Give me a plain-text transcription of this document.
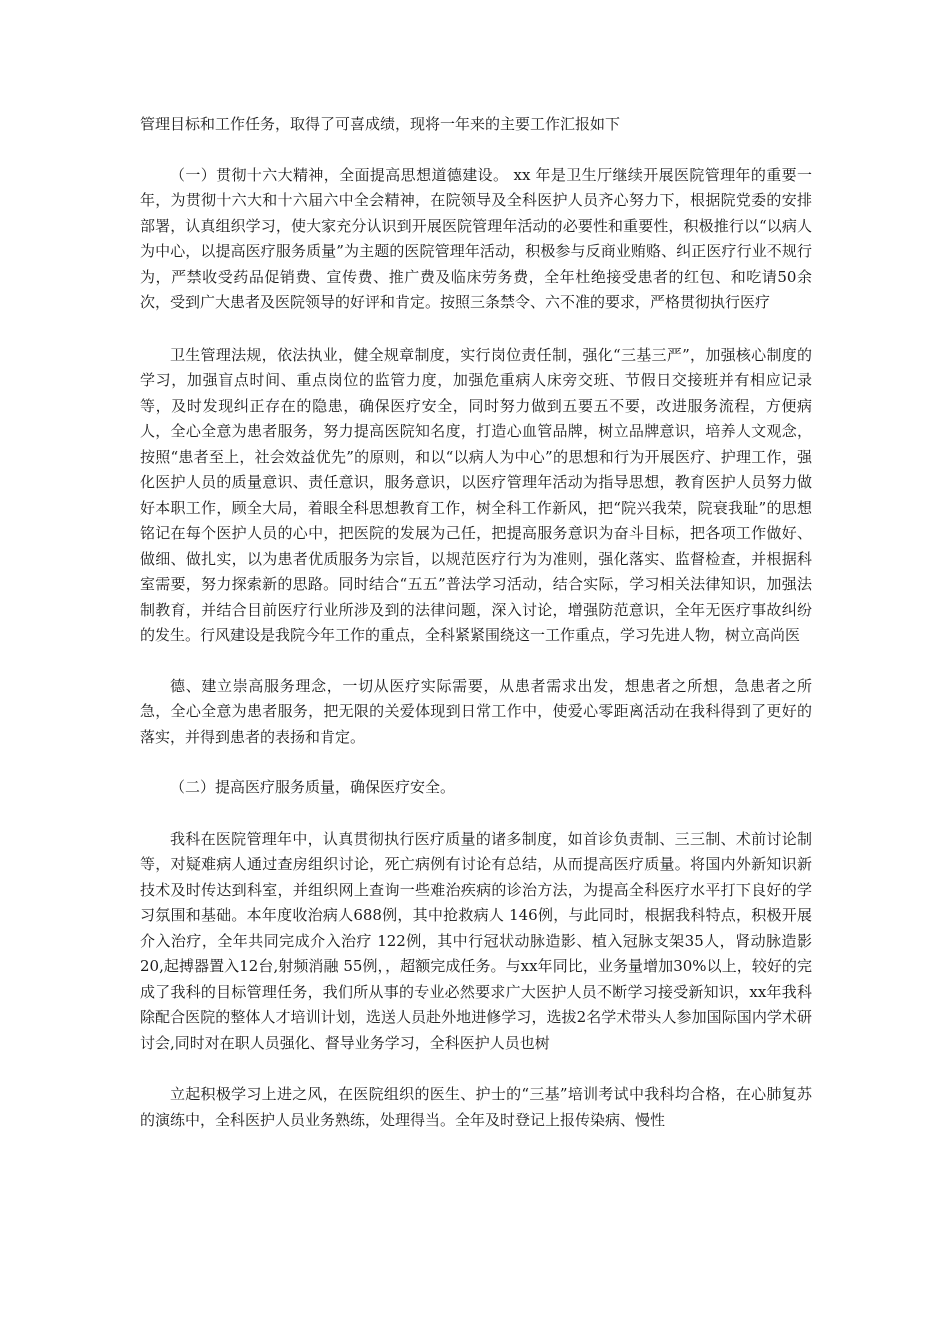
管理目标和工作任务，取得了可喜成绩，现将一年来的主要工作汇报如下

（一）贯彻十六大精神，全面提高思想道德建设。 xx 年是卫生厅继续开展医院管理年的重要一年，为贯彻十六大和十六届六中全会精神，在院领导及全科医护人员齐心努力下，根据院党委的安排部署，认真组织学习，使大家充分认识到开展医院管理年活动的必要性和重要性，积极推行以“以病人为中心，以提高医疗服务质量”为主题的医院管理年活动，积极参与反商业贿赂、纠正医疗行业不规行为，严禁收受药品促销费、宣传费、推广费及临床劳务费，全年杜绝接受患者的红包、和吃请50余次，受到广大患者及医院领导的好评和肯定。按照三条禁令、六不准的要求，严格贯彻执行医疗

卫生管理法规，依法执业，健全规章制度，实行岗位责任制，强化“三基三严”，加强核心制度的学习，加强盲点时间、重点岗位的监管力度，加强危重病人床旁交班、节假日交接班并有相应记录等，及时发现纠正存在的隐患，确保医疗安全，同时努力做到五要五不要，改进服务流程，方便病人，全心全意为患者服务，努力提高医院知名度，打造心血管品牌，树立品牌意识，培养人文观念，按照“患者至上，社会效益优先”的原则，和以“以病人为中心”的思想和行为开展医疗、护理工作，强化医护人员的质量意识、责任意识，服务意识，以医疗管理年活动为指导思想，教育医护人员努力做好本职工作，顾全大局，着眼全科思想教育工作，树全科工作新风，把“院兴我荣，院衰我耻”的思想铭记在每个医护人员的心中，把医院的发展为己任，把提高服务意识为奋斗目标，把各项工作做好、做细、做扎实，以为患者优质服务为宗旨，以规范医疗行为为准则，强化落实、监督检查，并根据科室需要，努力探索新的思路。同时结合“五五”普法学习活动，结合实际，学习相关法律知识，加强法制教育，并结合目前医疗行业所涉及到的法律问题，深入讨论，增强防范意识，全年无医疗事故纠纷的发生。行风建设是我院今年工作的重点，全科紧紧围绕这一工作重点，学习先进人物，树立高尚医

德、建立崇高服务理念，一切从医疗实际需要，从患者需求出发，想患者之所想，急患者之所急，全心全意为患者服务，把无限的关爱体现到日常工作中，使爱心零距离活动在我科得到了更好的落实，并得到患者的表扬和肯定。

（二）提高医疗服务质量，确保医疗安全。

我科在医院管理年中，认真贯彻执行医疗质量的诸多制度，如首诊负责制、三三制、术前讨论制等，对疑难病人通过查房组织讨论，死亡病例有讨论有总结，从而提高医疗质量。将国内外新知识新技术及时传达到科室，并组织网上查询一些难治疾病的诊治方法，为提高全科医疗水平打下良好的学习氛围和基础。本年度收治病人688例，其中抢救病人 146例，与此同时，根据我科特点，积极开展介入治疗，全年共同完成介入治疗 122例，其中行冠状动脉造影、植入冠脉支架35人，肾动脉造影20,起搏器置入12台,射频消融 55例，，超额完成任务。与xx年同比，业务量增加30%以上，较好的完成了我科的目标管理任务，我们所从事的专业必然要求广大医护人员不断学习接受新知识，xx年我科除配合医院的整体人才培训计划，选送人员赴外地进修学习，选拔2名学术带头人参加国际国内学术研讨会,同时对在职人员强化、督导业务学习，全科医护人员也树

立起积极学习上进之风，在医院组织的医生、护士的“三基”培训考试中我科均合格，在心肺复苏的演练中，全科医护人员业务熟练，处理得当。全年及时登记上报传染病、慢性
